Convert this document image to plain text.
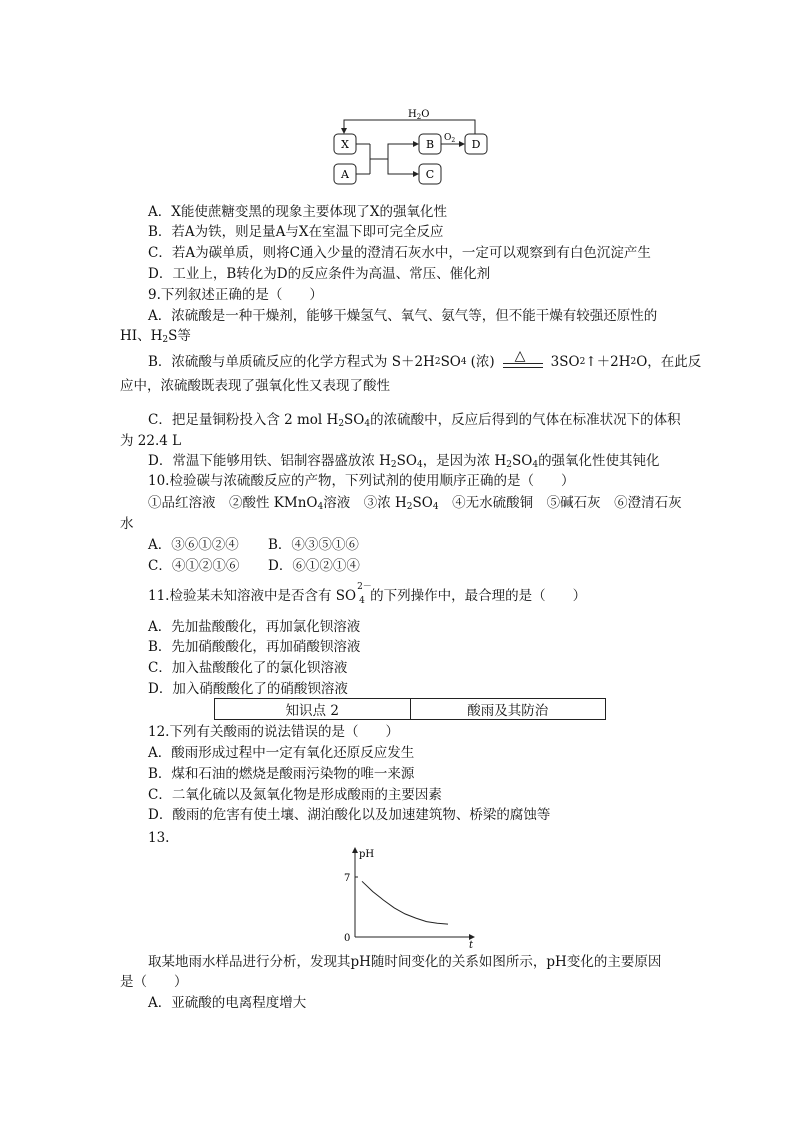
$H_2O$
X
A
B
C
D
$O_2$
A．X能使蔗糖变黑的现象主要体现了X的强氧化性
B．若A为铁，则足量A与X在室温下即可完全反应
C．若A为碳单质，则将C通入少量的澄清石灰水中，一定可以观察到有白色沉淀产生
D．工业上，B转化为D的反应条件为高温、常压、催化剂
9.下列叙述正确的是（　　）
A．浓硫酸是一种干燥剂，能够干燥氢气、氧气、氨气等，但不能干燥有较强还原性的
HI、$H_2S$等
B．浓硫酸与单质硫反应的化学方程式为 S＋2H 2 SO 4 (浓) △ 3SO 2 ↑＋2H 2 O，在此反
应中，浓硫酸既表现了强氧化性又表现了酸性
C．把足量铜粉投入含 2 mol $H_2SO_4$的浓硫酸中，反应后得到的气体在标准状况下的体积
为 22.4 L
D．常温下能够用铁、铝制容器盛放浓 $H_2SO_4$，是因为浓 $H_2SO_4$的强氧化性使其钝化
10.检验碳与浓硫酸反应的产物，下列试剂的使用顺序正确的是（　　）
①品红溶液　②酸性 KMnO$_4$溶液　③浓 $H_2SO_4$　④无水硫酸铜　⑤碱石灰　⑥澄清石灰
水
A．③⑥①②④ B．④③⑤①⑥
C．④①②①⑥ D．⑥①②①④
11.检验某未知溶液中是否含有 SO
2－
4 的下列操作中，最合理的是（　　）
A．先加盐酸酸化，再加氯化钡溶液
B．先加硝酸酸化，再加硝酸钡溶液
C．加入盐酸酸化了的氯化钡溶液
D．加入硝酸酸化了的硝酸钡溶液
知识点 2	酸雨及其防治
12.下列有关酸雨的说法错误的是（　　）
A．酸雨形成过程中一定有氧化还原反应发生
B．煤和石油的燃烧是酸雨污染物的唯一来源
C．二氧化硫以及氮氧化物是形成酸雨的主要因素
D．酸雨的危害有使土壤、湖泊酸化以及加速建筑物、桥梁的腐蚀等
13.
pH
t
7
0
取某地雨水样品进行分析，发现其pH随时间变化的关系如图所示，pH变化的主要原因
是（　　）
A．亚硫酸的电离程度增大
